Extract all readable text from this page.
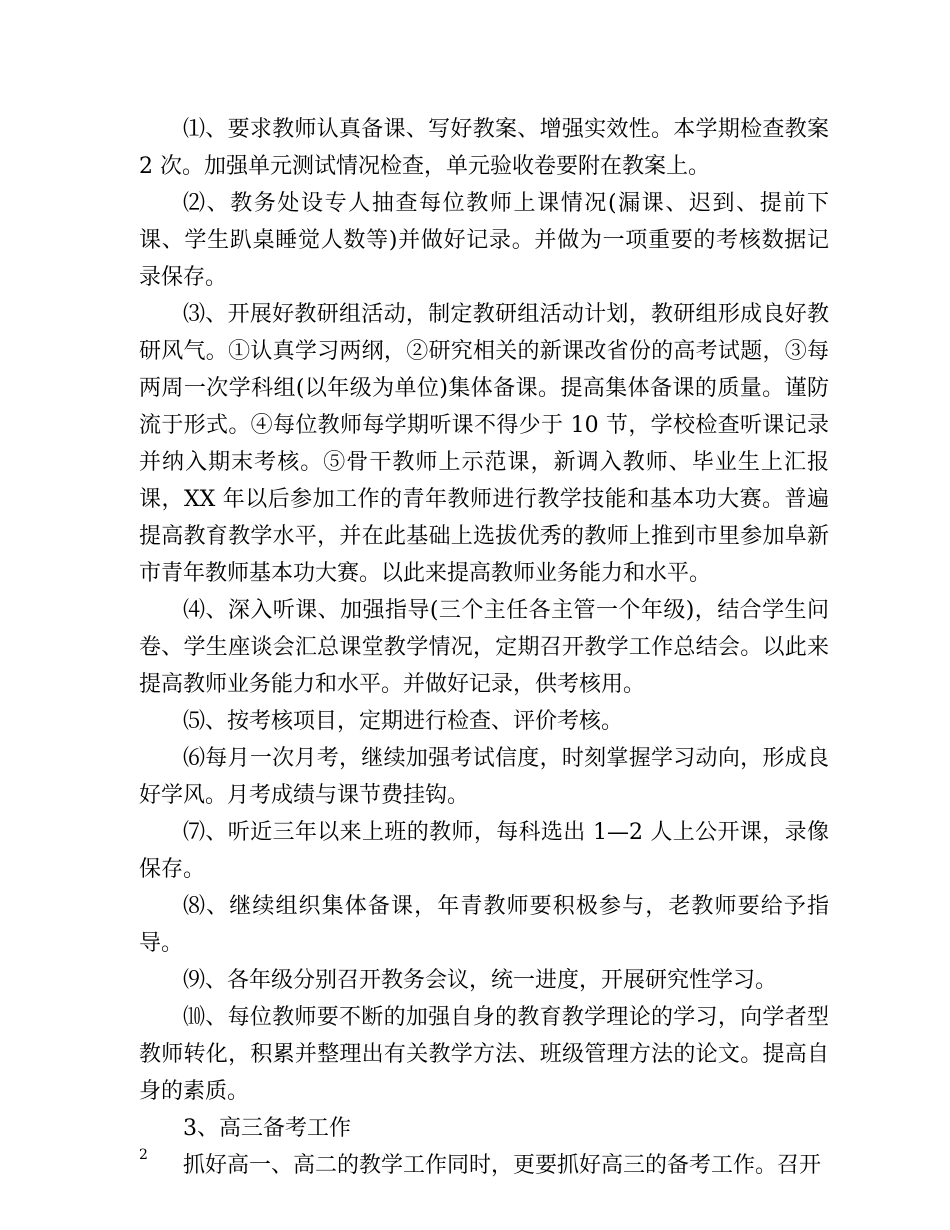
⑴、要求教师认真备课、写好教案、增强实效性。本学期检查教案 2 次。加强单元测试情况检查，单元验收卷要附在教案上。

⑵、教务处设专人抽查每位教师上课情况(漏课、迟到、提前下课、学生趴桌睡觉人数等)并做好记录。并做为一项重要的考核数据记录保存。

⑶、开展好教研组活动，制定教研组活动计划，教研组形成良好教研风气。①认真学习两纲，②研究相关的新课改省份的高考试题，③每两周一次学科组(以年级为单位)集体备课。提高集体备课的质量。谨防流于形式。④每位教师每学期听课不得少于 10 节，学校检查听课记录并纳入期末考核。⑤骨干教师上示范课，新调入教师、毕业生上汇报课，XX 年以后参加工作的青年教师进行教学技能和基本功大赛。普遍提高教育教学水平，并在此基础上选拔优秀的教师上推到市里参加阜新市青年教师基本功大赛。以此来提高教师业务能力和水平。

⑷、深入听课、加强指导(三个主任各主管一个年级)，结合学生问卷、学生座谈会汇总课堂教学情况，定期召开教学工作总结会。以此来提高教师业务能力和水平。并做好记录，供考核用。

⑸、按考核项目，定期进行检查、评价考核。

⑹每月一次月考，继续加强考试信度，时刻掌握学习动向，形成良好学风。月考成绩与课节费挂钩。

⑺、听近三年以来上班的教师，每科选出 1—2 人上公开课，录像保存。

⑻、继续组织集体备课，年青教师要积极参与，老教师要给予指导。

⑼、各年级分别召开教务会议，统一进度，开展研究性学习。

⑽、每位教师要不断的加强自身的教育教学理论的学习，向学者型教师转化，积累并整理出有关教学方法、班级管理方法的论文。提高自身的素质。

3、高三备考工作

抓好高一、高二的教学工作同时，更要抓好高三的备考工作。召开

2
